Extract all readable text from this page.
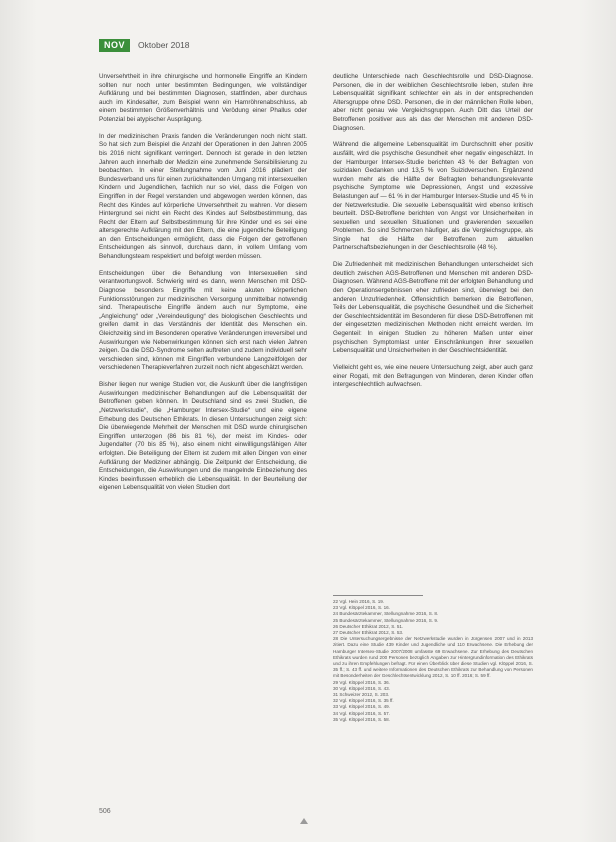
NOV	Oktober 2018

Unversehrtheit in ihre chirurgische und hormonelle Eingriffe an Kindern sollten nur noch unter bestimmten Bedingungen, wie vollständiger Aufklärung und bei bestimmten Diagnosen, stattfinden, aber durchaus auch im Kindesalter, zum Beispiel wenn ein Harnröhrenabschluss, ab einem bestimmten Größenverhältnis und Verödung einer Phallus oder Potenzial bei atypischer Ausprägung.

In der medizinischen Praxis fanden die Veränderungen noch nicht statt. So hat sich zum Beispiel die Anzahl der Operationen in den Jahren 2005 bis 2016 nicht signifikant verringert. Dennoch ist gerade in den letzten Jahren auch innerhalb der Medizin eine zunehmende Sensibilisierung zu beobachten. In einer Stellungnahme vom Juni 2016 plädiert der Bundesverband uns für einen zurückhaltenden Umgang mit intersexuellen Kindern und Jugendlichen, fachlich nur so viel, dass die Folgen von Eingriffen in der Regel verstanden und abgewogen werden können, das Recht des Kindes auf körperliche Unversehrtheit zu wahren. Vor diesem Hintergrund sei nicht ein Recht des Kindes auf Selbstbestimmung, das Recht der Eltern auf Selbstbestimmung für ihre Kinder und es sei eine altersgerechte Aufklärung mit den Eltern, die eine jugendliche Beteiligung an den Entscheidungen ermöglicht, dass die Folgen der getroffenen Entscheidungen als sinnvoll, durchaus dann, in vollem Umfang vom Behandlungsteam respektiert und befolgt werden müssen.

Entscheidungen über die Behandlung von Intersexuellen sind verantwortungsvoll. Schwierig wird es dann, wenn Menschen mit DSD-Diagnose besonders Eingriffe mit keine akuten körperlichen Funktionsstörungen zur medizinischen Versorgung unmittelbar notwendig sind. Therapeutische Eingriffe ändern auch nur Symptome, eine „Angleichung“ oder „Vereindeutigung“ des biologischen Geschlechts und greifen damit in das Verständnis der Identität des Menschen ein. Gleichzeitig sind im Besonderen operative Veränderungen irreversibel und Auswirkungen wie Nebenwirkungen können sich erst nach vielen Jahren zeigen. Da die DSD-Syndrome selten auftreten und zudem individuell sehr verschieden sind, können mit Eingriffen verbundene Langzeitfolgen der verschiedenen Therapieverfahren zurzeit noch nicht abgeschätzt werden.

Bisher liegen nur wenige Studien vor, die Auskunft über die langfristigen Auswirkungen medizinischer Behandlungen auf die Lebensqualität der Betroffenen geben können. In Deutschland sind es zwei Studien, die „Netzwerkstudie“, die „Hamburger Intersex-Studie“ und eine eigene Erhebung des Deutschen Ethikrats. In diesen Untersuchungen zeigt sich: Die überwiegende Mehrheit der Menschen mit DSD wurde chirurgischen Eingriffen unterzogen (86 bis 81 %), der meist im Kindes- oder Jugendalter (70 bis 85 %), also einem nicht einwilligungsfähigen Alter erfolgten. Die Beteiligung der Eltern ist zudem mit allen Dingen von einer Aufklärung der Mediziner abhängig. Die Zeitpunkt der Entscheidung, die Entscheidungen, die Auswirkungen und die mangelnde Einbeziehung des Kindes beeinflussen erheblich die Lebensqualität. In der Beurteilung der eigenen Lebensqualität von vielen Studien dort

deutliche Unterschiede nach Geschlechtsrolle und DSD-Diagnose. Personen, die in der weiblichen Geschlechtsrolle leben, stufen ihre Lebensqualität signifikant schlechter ein als in der entsprechenden Altersgruppe ohne DSD. Personen, die in der männlichen Rolle leben, aber nicht genau wie Vergleichsgruppen. Auch Ditt das Urteil der Betroffenen positiver aus als das der Menschen mit anderen DSD-Diagnosen.

Während die allgemeine Lebensqualität im Durchschnitt eher positiv ausfällt, wird die psychische Gesundheit eher negativ eingeschätzt. In der Hamburger Intersex-Studie berichten 43 % der Befragten von suizidalen Gedanken und 13,5 % von Suizidversuchen. Ergänzend wurden mehr als die Hälfte der Befragten behandlungsrelevante psychische Symptome wie Depressionen, Angst und exzessive Belastungen auf — 61 % in der Hamburger Intersex-Studie und 45 % in der Netzwerkstudie. Die sexuelle Lebensqualität wird ebenso kritisch beurteilt. DSD-Betroffene berichten von Angst vor Unsicherheiten in sexuellen und sexuellen Situationen und gravierenden sexuellen Problemen. So sind Schmerzen häufiger, als die Vergleichsgruppe, als Single hat die Hälfte der Betroffenen zum aktuellen Partnerschaftsbeziehungen in der Geschlechtsrolle (48 %).

Die Zufriedenheit mit medizinischen Behandlungen unterscheidet sich deutlich zwischen AGS-Betroffenen und Menschen mit anderen DSD-Diagnosen. Während AGS-Betroffene mit der erfolgten Behandlung und den Operationsergebnissen eher zufrieden sind, überwiegt bei den anderen Unzufriedenheit. Offensichtlich bemerken die Betroffenen, Teils der Lebensqualität, die psychische Gesundheit und die Sicherheit der Geschlechtsidentität im Besonderen für diese DSD-Betroffenen mit der eingesetzten medizinischen Methoden nicht erreicht werden. Im Gegenteil: In einigen Studien zu höheren Maßen unter einer psychischen Symptomlast unter Einschränkungen ihrer sexuellen Lebensqualität und Unsicherheiten in der Geschlechtsidentität.

Vielleicht geht es, wie eine neuere Untersuchung zeigt, aber auch ganz einer Rogati, mit den Befragungen von Minderen, deren Kinder offen intergeschlechtlich aufwachsen.

22 Vgl. Hein 2016, S. 19.
23 Vgl. Klöppel 2016, S. 16.
24 Bundesärztekammer, Stellungnahme 2016, S. 8.
25 Bundesärztekammer, Stellungnahme 2016, S. 9.
26 Deutscher Ethikrat 2012, S. 51.
27 Deutscher Ethikrat 2012, S. 53.
28 Die Untersuchungsergebnisse der Netzwerkstudie wurden in Jürgensen 2007 und in 2013 zitiert. Dazu eine Studie 439 Kinder und Jugendliche und 110 Erwachsene. Die Erhebung der Hamburger Intersex-Studie 2007/2008 umfasste 69 Erwachsene. Zur Erhebung des Deutschen Ethikrats wurden rund 200 Personen bezüglich Angaben zur Hintergrundinformation des Ethikrats und zu ihren Empfehlungen befragt. Für einen Überblick über diese Studien vgl. Klöppel 2016, S. 35 ff.; S. 43 ff. und weitere Informationen des Deutschen Ethikrats zur Behandlung von Personen mit Besonderheiten der Geschlechtsentwicklung 2012, S. 10 ff. 2016; S. 59 ff.
29 Vgl. Klöppel 2016, S. 36.
30 Vgl. Klöppel 2016, S. 43.
31 Schweizer 2012, S. 203.
32 Vgl. Klöppel 2016, S. 35 ff.
33 Vgl. Klöppel 2016, S. 49.
34 Vgl. Klöppel 2016, S. 57.
35 Vgl. Klöppel 2016, S. 58.
506
